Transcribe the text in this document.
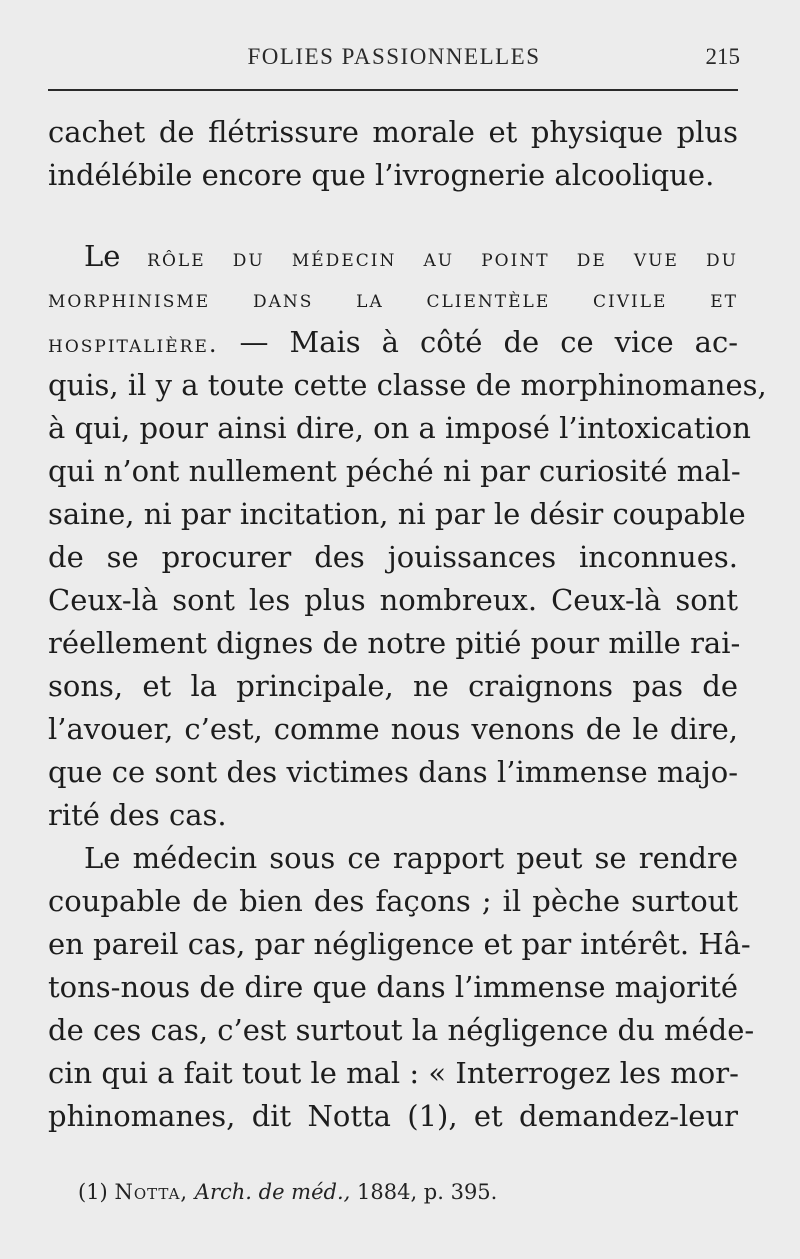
FOLIES PASSIONNELLES	215
cachet de flétrissure morale et physique plus
indélébile encore que l’ivrognerie alcoolique.
Le rôle du médecin au point de vue du
morphinisme dans la clientèle civile et
hospitalière. — Mais à côté de ce vice ac-
quis, il y a toute cette classe de morphinomanes,
à qui, pour ainsi dire, on a imposé l’intoxication
qui n’ont nullement péché ni par curiosité mal-
saine, ni par incitation, ni par le désir coupable
de se procurer des jouissances inconnues.
Ceux-là sont les plus nombreux. Ceux-là sont
réellement dignes de notre pitié pour mille rai-
sons, et la principale, ne craignons pas de
l’avouer, c’est, comme nous venons de le dire,
que ce sont des victimes dans l’immense majo-
rité des cas.
Le médecin sous ce rapport peut se rendre
coupable de bien des façons ; il pèche surtout
en pareil cas, par négligence et par intérêt. Hâ-
tons-nous de dire que dans l’immense majorité
de ces cas, c’est surtout la négligence du méde-
cin qui a fait tout le mal : « Interrogez les mor-
phinomanes, dit Notta (1), et demandez-leur
(1) Notta, Arch. de méd., 1884, p. 395.
